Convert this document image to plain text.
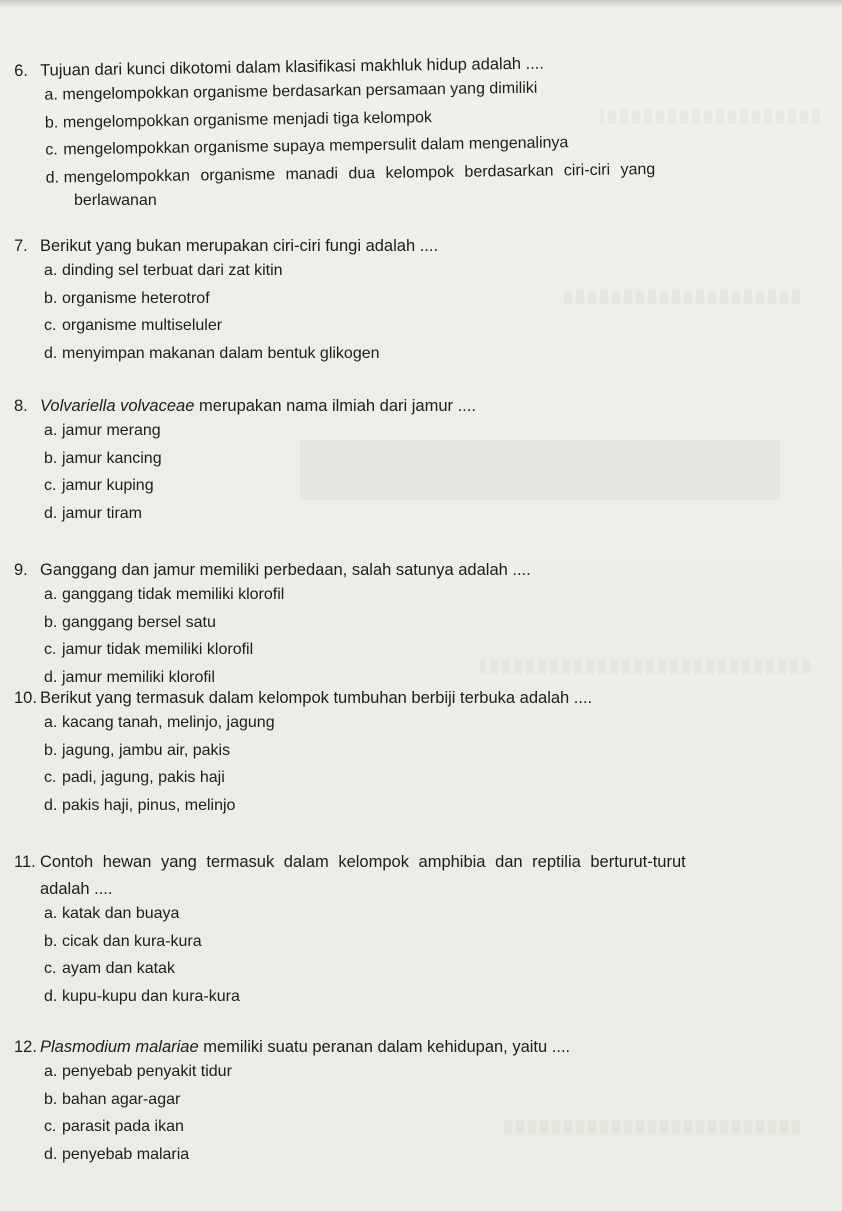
6. Tujuan dari kunci dikotomi dalam klasifikasi makhluk hidup adalah ....

a. mengelompokkan organisme berdasarkan persamaan yang dimiliki
b. mengelompokkan organisme menjadi tiga kelompok
c. mengelompokkan organisme supaya mempersulit dalam mengenalinya
d. mengelompokkan organisme manadi dua kelompok berdasarkan ciri-ciri yang
berlawanan

7. Berikut yang bukan merupakan ciri-ciri fungi adalah ....

a. dinding sel terbuat dari zat kitin
b. organisme heterotrof
c. organisme multiseluler
d. menyimpan makanan dalam bentuk glikogen

8. Volvariella volvaceae merupakan nama ilmiah dari jamur ....

a. jamur merang
b. jamur kancing
c. jamur kuping
d. jamur tiram

9. Ganggang dan jamur memiliki perbedaan, salah satunya adalah ....

a. ganggang tidak memiliki klorofil
b. ganggang bersel satu
c. jamur tidak memiliki klorofil
d. jamur memiliki klorofil

10. Berikut yang termasuk dalam kelompok tumbuhan berbiji terbuka adalah ....

a. kacang tanah, melinjo, jagung
b. jagung, jambu air, pakis
c. padi, jagung, pakis haji
d. pakis haji, pinus, melinjo

11. Contoh hewan yang termasuk dalam kelompok amphibia dan reptilia berturut-turut

adalah ....

a. katak dan buaya
b. cicak dan kura-kura
c. ayam dan katak
d. kupu-kupu dan kura-kura

12. Plasmodium malariae memiliki suatu peranan dalam kehidupan, yaitu ....

a. penyebab penyakit tidur
b. bahan agar-agar
c. parasit pada ikan
d. penyebab malaria
